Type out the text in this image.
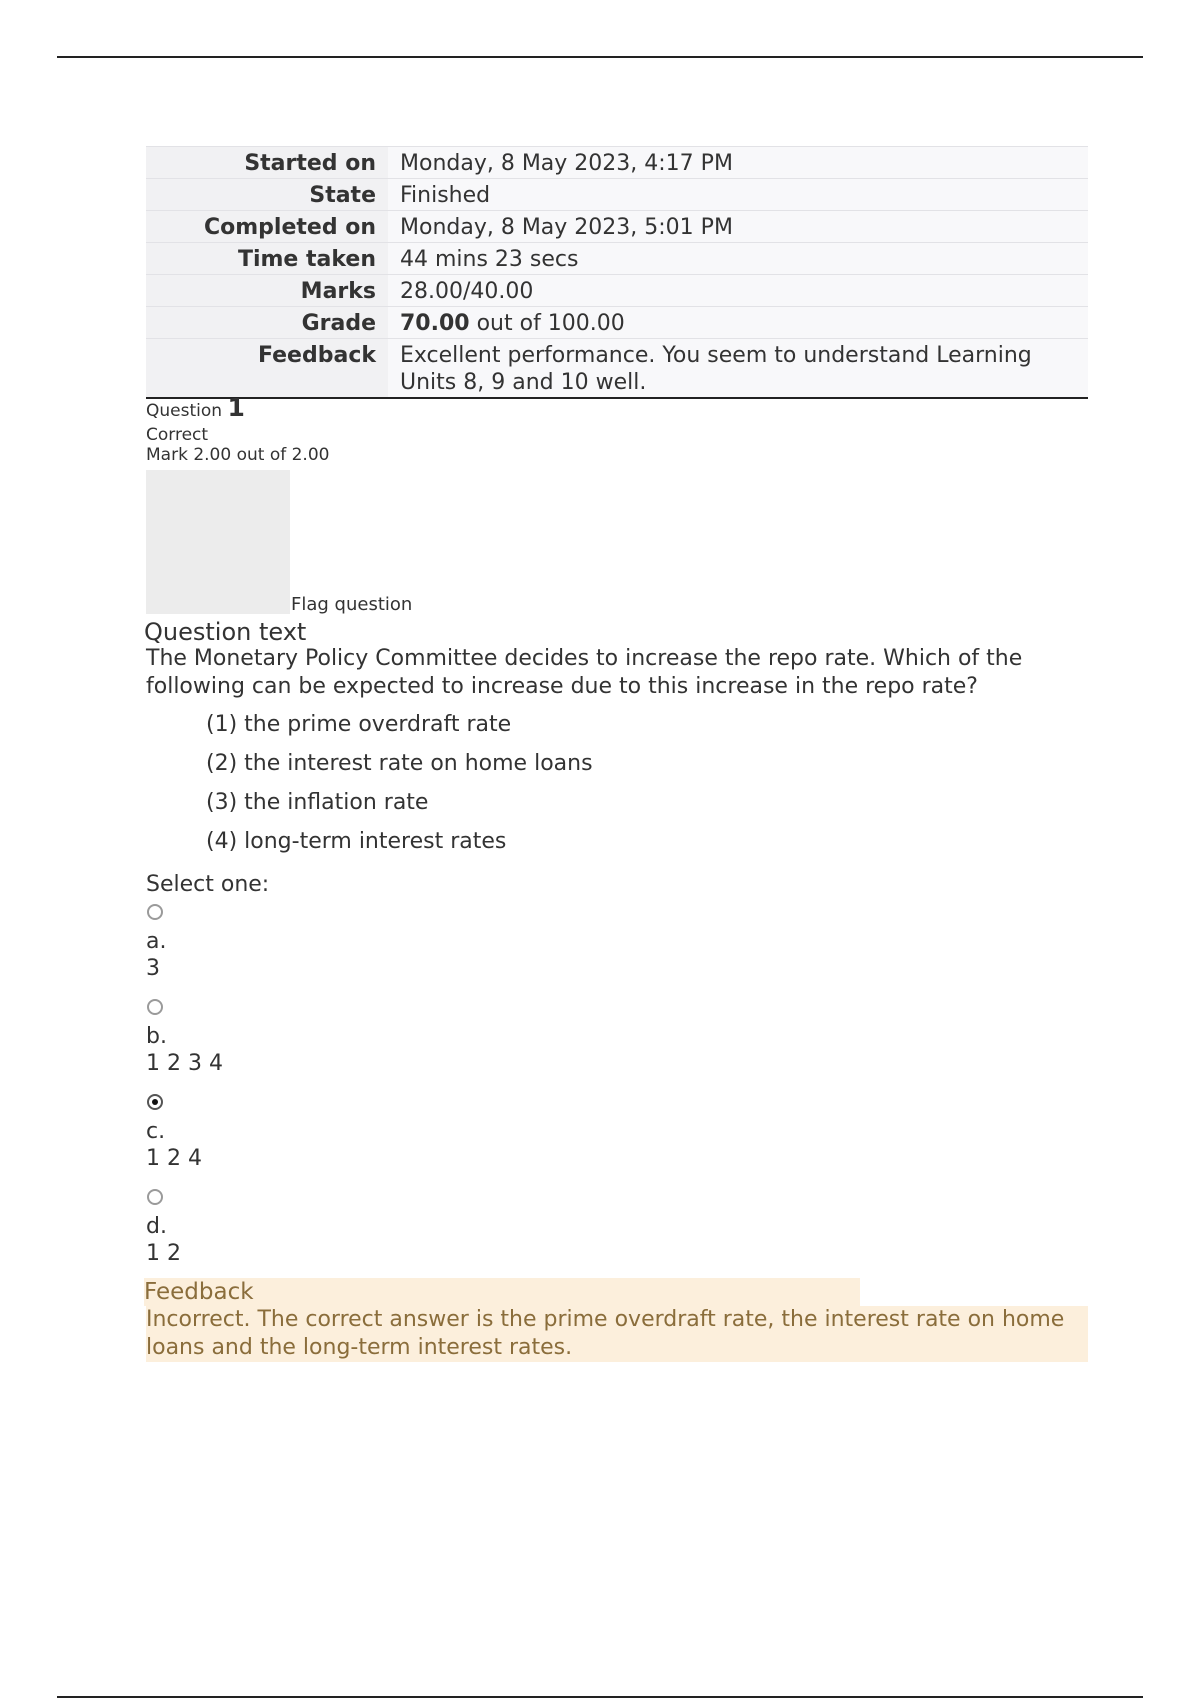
Started on	Monday, 8 May 2023, 4:17 PM
State	Finished
Completed on	Monday, 8 May 2023, 5:01 PM
Time taken	44 mins 23 secs
Marks	28.00/40.00
Grade	70.00 out of 100.00
Feedback	Excellent performance. You seem to understand Learning Units 8, 9 and 10 well.
Question 1
Correct
Mark 2.00 out of 2.00
Flag question
Question text
The Monetary Policy Committee decides to increase the repo rate. Which of the following can be expected to increase due to this increase in the repo rate?
(1) the prime overdraft rate
(2) the interest rate on home loans
(3) the inflation rate
(4) long-term interest rates
Select one:
a.
3
b.
1 2 3 4
c.
1 2 4
d.
1 2
Feedback
Incorrect. The correct answer is the prime overdraft rate, the interest rate on home loans and the long-term interest rates.
